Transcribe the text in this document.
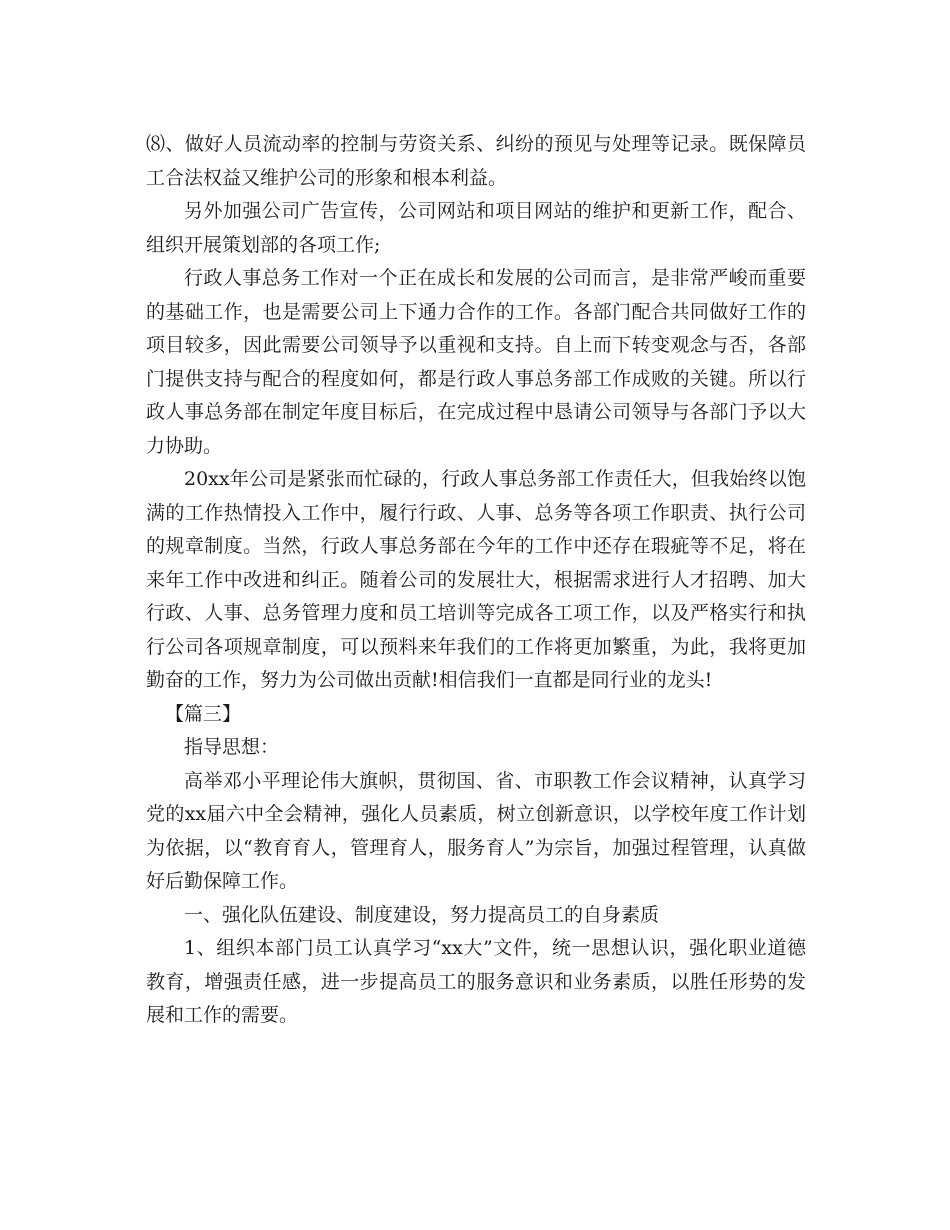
⑻、做好人员流动率的控制与劳资关系、纠纷的预见与处理等记录。既保障员工合法权益又维护公司的形象和根本利益。

另外加强公司广告宣传，公司网站和项目网站的维护和更新工作，配合、组织开展策划部的各项工作;

行政人事总务工作对一个正在成长和发展的公司而言，是非常严峻而重要的基础工作，也是需要公司上下通力合作的工作。各部门配合共同做好工作的项目较多，因此需要公司领导予以重视和支持。自上而下转变观念与否，各部门提供支持与配合的程度如何，都是行政人事总务部工作成败的关键。所以行政人事总务部在制定年度目标后，在完成过程中恳请公司领导与各部门予以大力协助。

20xx年公司是紧张而忙碌的，行政人事总务部工作责任大，但我始终以饱满的工作热情投入工作中，履行行政、人事、总务等各项工作职责、执行公司的规章制度。当然，行政人事总务部在今年的工作中还存在瑕疵等不足，将在来年工作中改进和纠正。随着公司的发展壮大，根据需求进行人才招聘、加大行政、人事、总务管理力度和员工培训等完成各工项工作，以及严格实行和执行公司各项规章制度，可以预料来年我们的工作将更加繁重，为此，我将更加勤奋的工作，努力为公司做出贡献!相信我们一直都是同行业的龙头!

【篇三】

指导思想：

高举邓小平理论伟大旗帜，贯彻国、省、市职教工作会议精神，认真学习党的xx届六中全会精神，强化人员素质，树立创新意识，以学校年度工作计划为依据，以“教育育人，管理育人，服务育人”为宗旨，加强过程管理，认真做好后勤保障工作。

一、强化队伍建设、制度建设，努力提高员工的自身素质

1、组织本部门员工认真学习“xx大”文件，统一思想认识，强化职业道德教育，增强责任感，进一步提高员工的服务意识和业务素质，以胜任形势的发展和工作的需要。
